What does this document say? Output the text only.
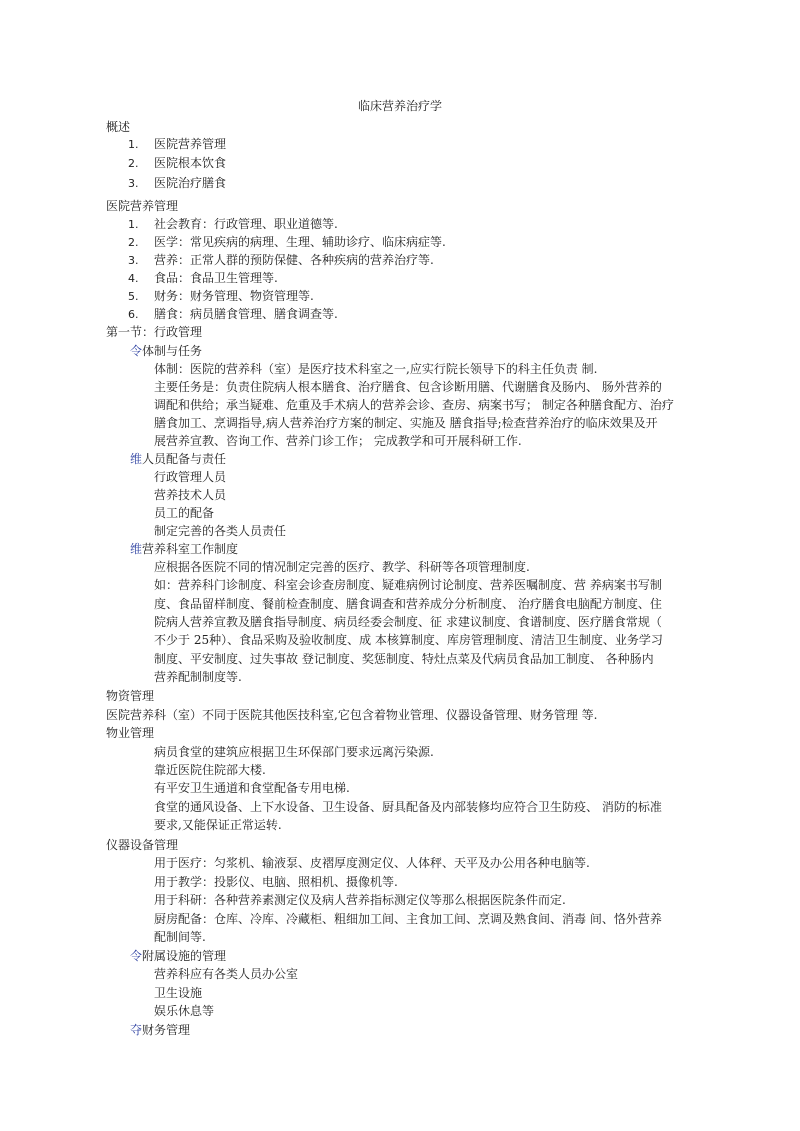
临床营养治疗学
概述
1. 医院营养管理
2. 医院根本饮食
3. 医院治疗膳食
医院营养管理
1. 社会教育：行政管理、职业道德等.
2. 医学：常见疾病的病理、生理、辅助诊疗、临床病症等.
3. 营养：正常人群的预防保健、各种疾病的营养治疗等.
4. 食品：食品卫生管理等.
5. 财务：财务管理、物资管理等.
6. 膳食：病员膳食管理、膳食调查等.
第一节：行政管理
令体制与任务
体制：医院的营养科（室）是医疗技术科室之一,应实行院长领导下的科主任负责 制.
主要任务是：负责住院病人根本膳食、治疗膳食、包含诊断用膳、代谢膳食及肠内、 肠外营养的
调配和供给；承当疑难、危重及手术病人的营养会诊、查房、病案书写； 制定各种膳食配方、治疗
膳食加工、烹调指导,病人营养治疗方案的制定、实施及 膳食指导;检查营养治疗的临床效果及开
展营养宣教、咨询工作、营养门诊工作； 完成教学和可开展科研工作.
维人员配备与责任
行政管理人员
营养技术人员
员工的配备
制定完善的各类人员责任
维营养科室工作制度
应根据各医院不同的情况制定完善的医疗、教学、科研等各项管理制度.
如：营养科门诊制度、科室会诊查房制度、疑难病例讨论制度、营养医嘱制度、营 养病案书写制
度、食品留样制度、餐前检查制度、膳食调查和营养成分分析制度、 治疗膳食电脑配方制度、住
院病人营养宣教及膳食指导制度、病员经委会制度、征 求建议制度、食谱制度、医疗膳食常规（
不少于 25种）、食品采购及验收制度、成 本核算制度、库房管理制度、清洁卫生制度、业务学习
制度、平安制度、过失事故 登记制度、奖惩制度、特灶点菜及代病员食品加工制度、 各种肠内
营养配制制度等.
物资管理
医院营养科（室）不同于医院其他医技科室,它包含着物业管理、仪器设备管理、财务管理 等.
物业管理
病员食堂的建筑应根据卫生环保部门要求远离污染源.
靠近医院住院部大楼.
有平安卫生通道和食堂配备专用电梯.
食堂的通风设备、上下水设备、卫生设备、厨具配备及内部装修均应符合卫生防疫、 消防的标准
要求,又能保证正常运转.
仪器设备管理
用于医疗：匀浆机、输液泵、皮褶厚度测定仪、人体秤、天平及办公用各种电脑等.
用于教学：投影仪、电脑、照相机、摄像机等.
用于科研：各种营养素测定仪及病人营养指标测定仪等那么根据医院条件而定.
厨房配备：仓库、冷库、冷藏柜、粗细加工间、主食加工间、烹调及熟食间、消毒 间、恪外营养
配制间等.
令附属设施的管理
营养科应有各类人员办公室
卫生设施
娱乐休息等
夺财务管理
